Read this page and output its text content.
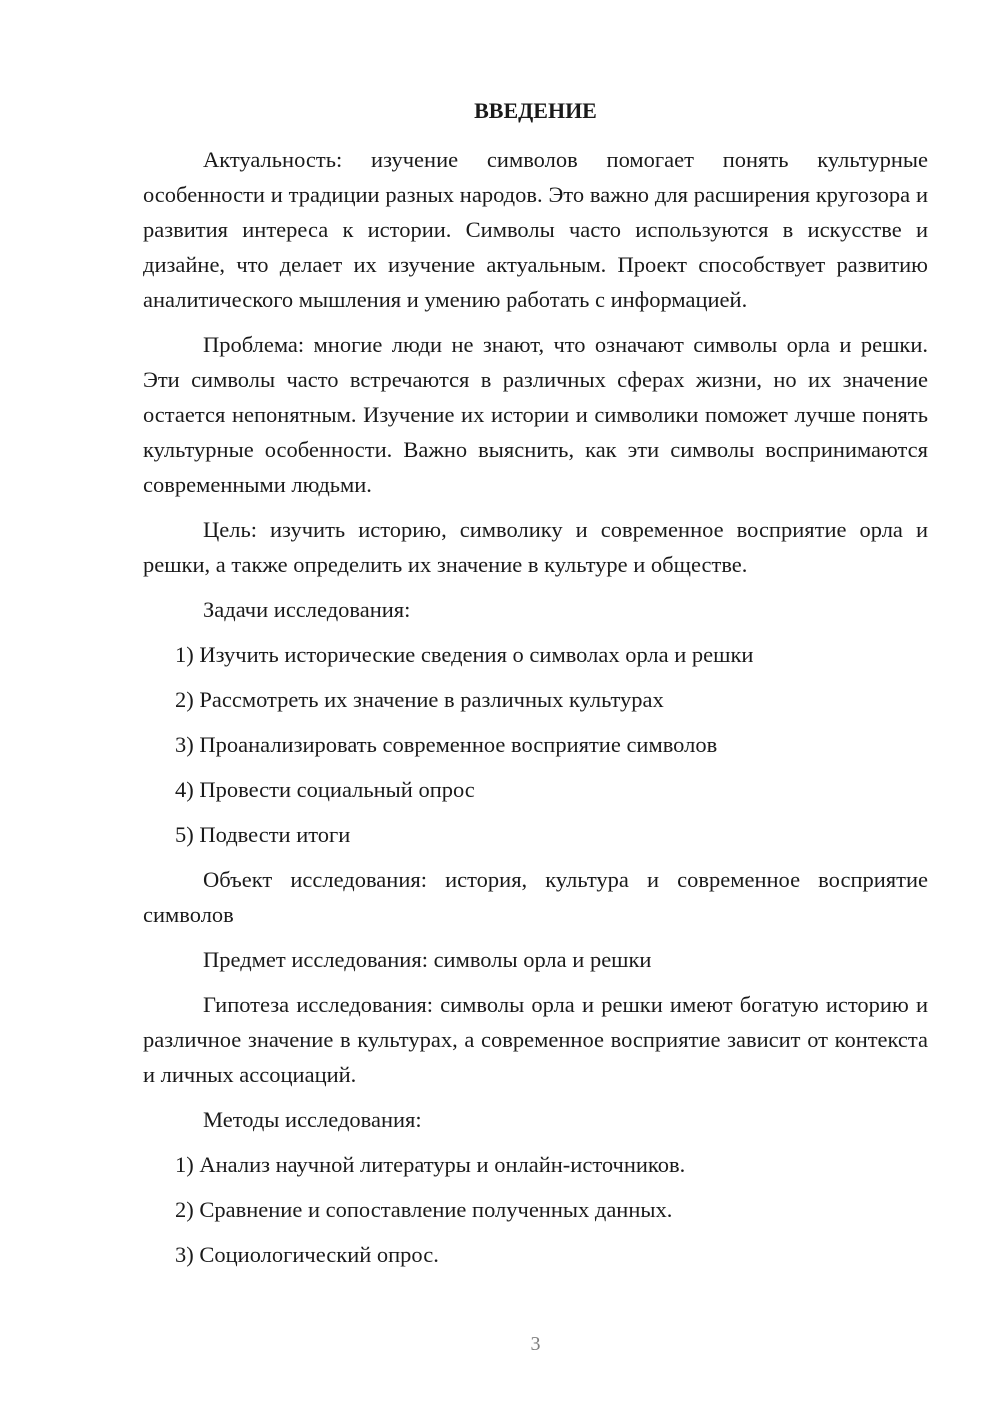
ВВЕДЕНИЕ

Актуальность: изучение символов помогает понять культурные особенности и традиции разных народов. Это важно для расширения кругозора и развития интереса к истории. Символы часто используются в искусстве и дизайне, что делает их изучение актуальным. Проект способствует развитию аналитического мышления и умению работать с информацией.

Проблема: многие люди не знают, что означают символы орла и решки. Эти символы часто встречаются в различных сферах жизни, но их значение остается непонятным. Изучение их истории и символики поможет лучше понять культурные особенности. Важно выяснить, как эти символы воспринимаются современными людьми.

Цель: изучить историю, символику и современное восприятие орла и решки, а также определить их значение в культуре и обществе.

Задачи исследования:

1) Изучить исторические сведения о символах орла и решки

2) Рассмотреть их значение в различных культурах

3) Проанализировать современное восприятие символов

4) Провести социальный опрос

5) Подвести итоги

Объект исследования: история, культура и современное восприятие символов

Предмет исследования: символы орла и решки

Гипотеза исследования: символы орла и решки имеют богатую историю и различное значение в культурах, а современное восприятие зависит от контекста и личных ассоциаций.

Методы исследования:

1) Анализ научной литературы и онлайн-источников.

2) Сравнение и сопоставление полученных данных.

3) Социологический опрос.

3
